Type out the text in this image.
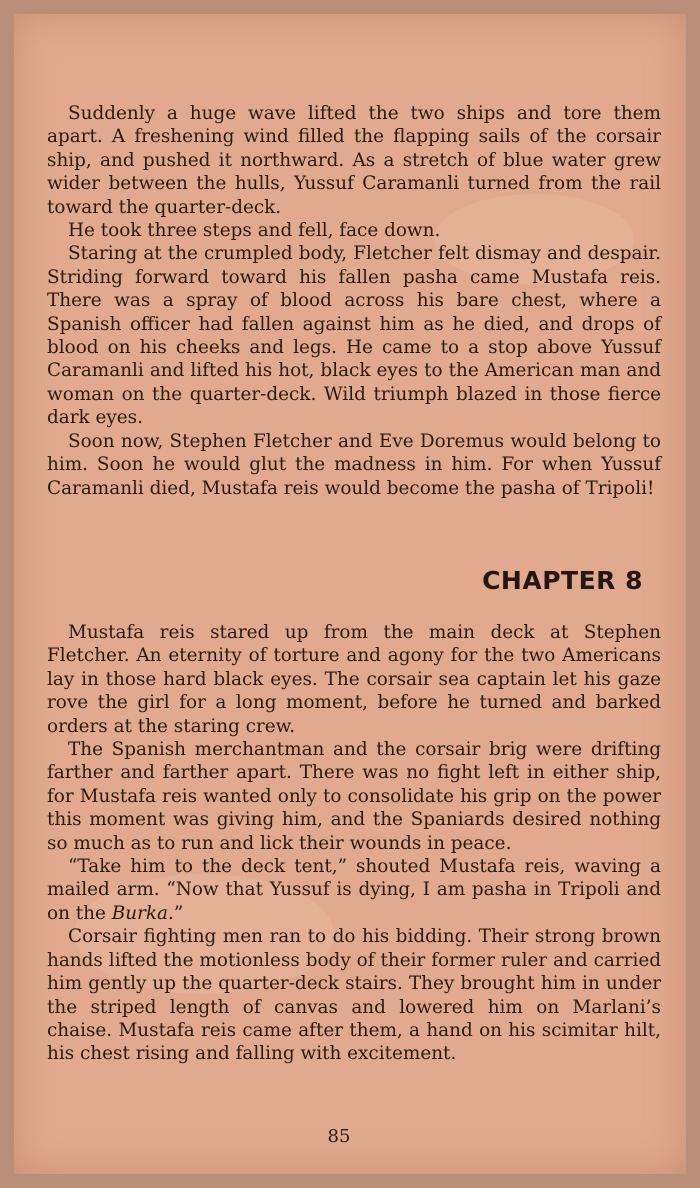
Suddenly a huge wave lifted the two ships and tore them apart. A freshening wind filled the flapping sails of the corsair ship, and pushed it northward. As a stretch of blue water grew wider between the hulls, Yussuf Caramanli turned from the rail toward the quarter-deck.

He took three steps and fell, face down.

Staring at the crumpled body, Fletcher felt dismay and despair. Striding forward toward his fallen pasha came Mustafa reis. There was a spray of blood across his bare chest, where a Spanish officer had fallen against him as he died, and drops of blood on his cheeks and legs. He came to a stop above Yussuf Caramanli and lifted his hot, black eyes to the American man and woman on the quarter-deck. Wild triumph blazed in those fierce dark eyes.

Soon now, Stephen Fletcher and Eve Doremus would belong to him. Soon he would glut the madness in him. For when Yussuf Caramanli died, Mustafa reis would become the pasha of Tripoli!

CHAPTER 8

Mustafa reis stared up from the main deck at Stephen Fletcher. An eternity of torture and agony for the two Americans lay in those hard black eyes. The corsair sea captain let his gaze rove the girl for a long moment, before he turned and barked orders at the staring crew.

The Spanish merchantman and the corsair brig were drifting farther and farther apart. There was no fight left in either ship, for Mustafa reis wanted only to consolidate his grip on the power this moment was giving him, and the Spaniards desired nothing so much as to run and lick their wounds in peace.

“Take him to the deck tent,” shouted Mustafa reis, waving a mailed arm. “Now that Yussuf is dying, I am pasha in Tripoli and on the Burka.”

Corsair fighting men ran to do his bidding. Their strong brown hands lifted the motionless body of their former ruler and carried him gently up the quarter-deck stairs. They brought him in under the striped length of canvas and lowered him on Marlani’s chaise. Mustafa reis came after them, a hand on his scimitar hilt, his chest rising and falling with excitement.

85
